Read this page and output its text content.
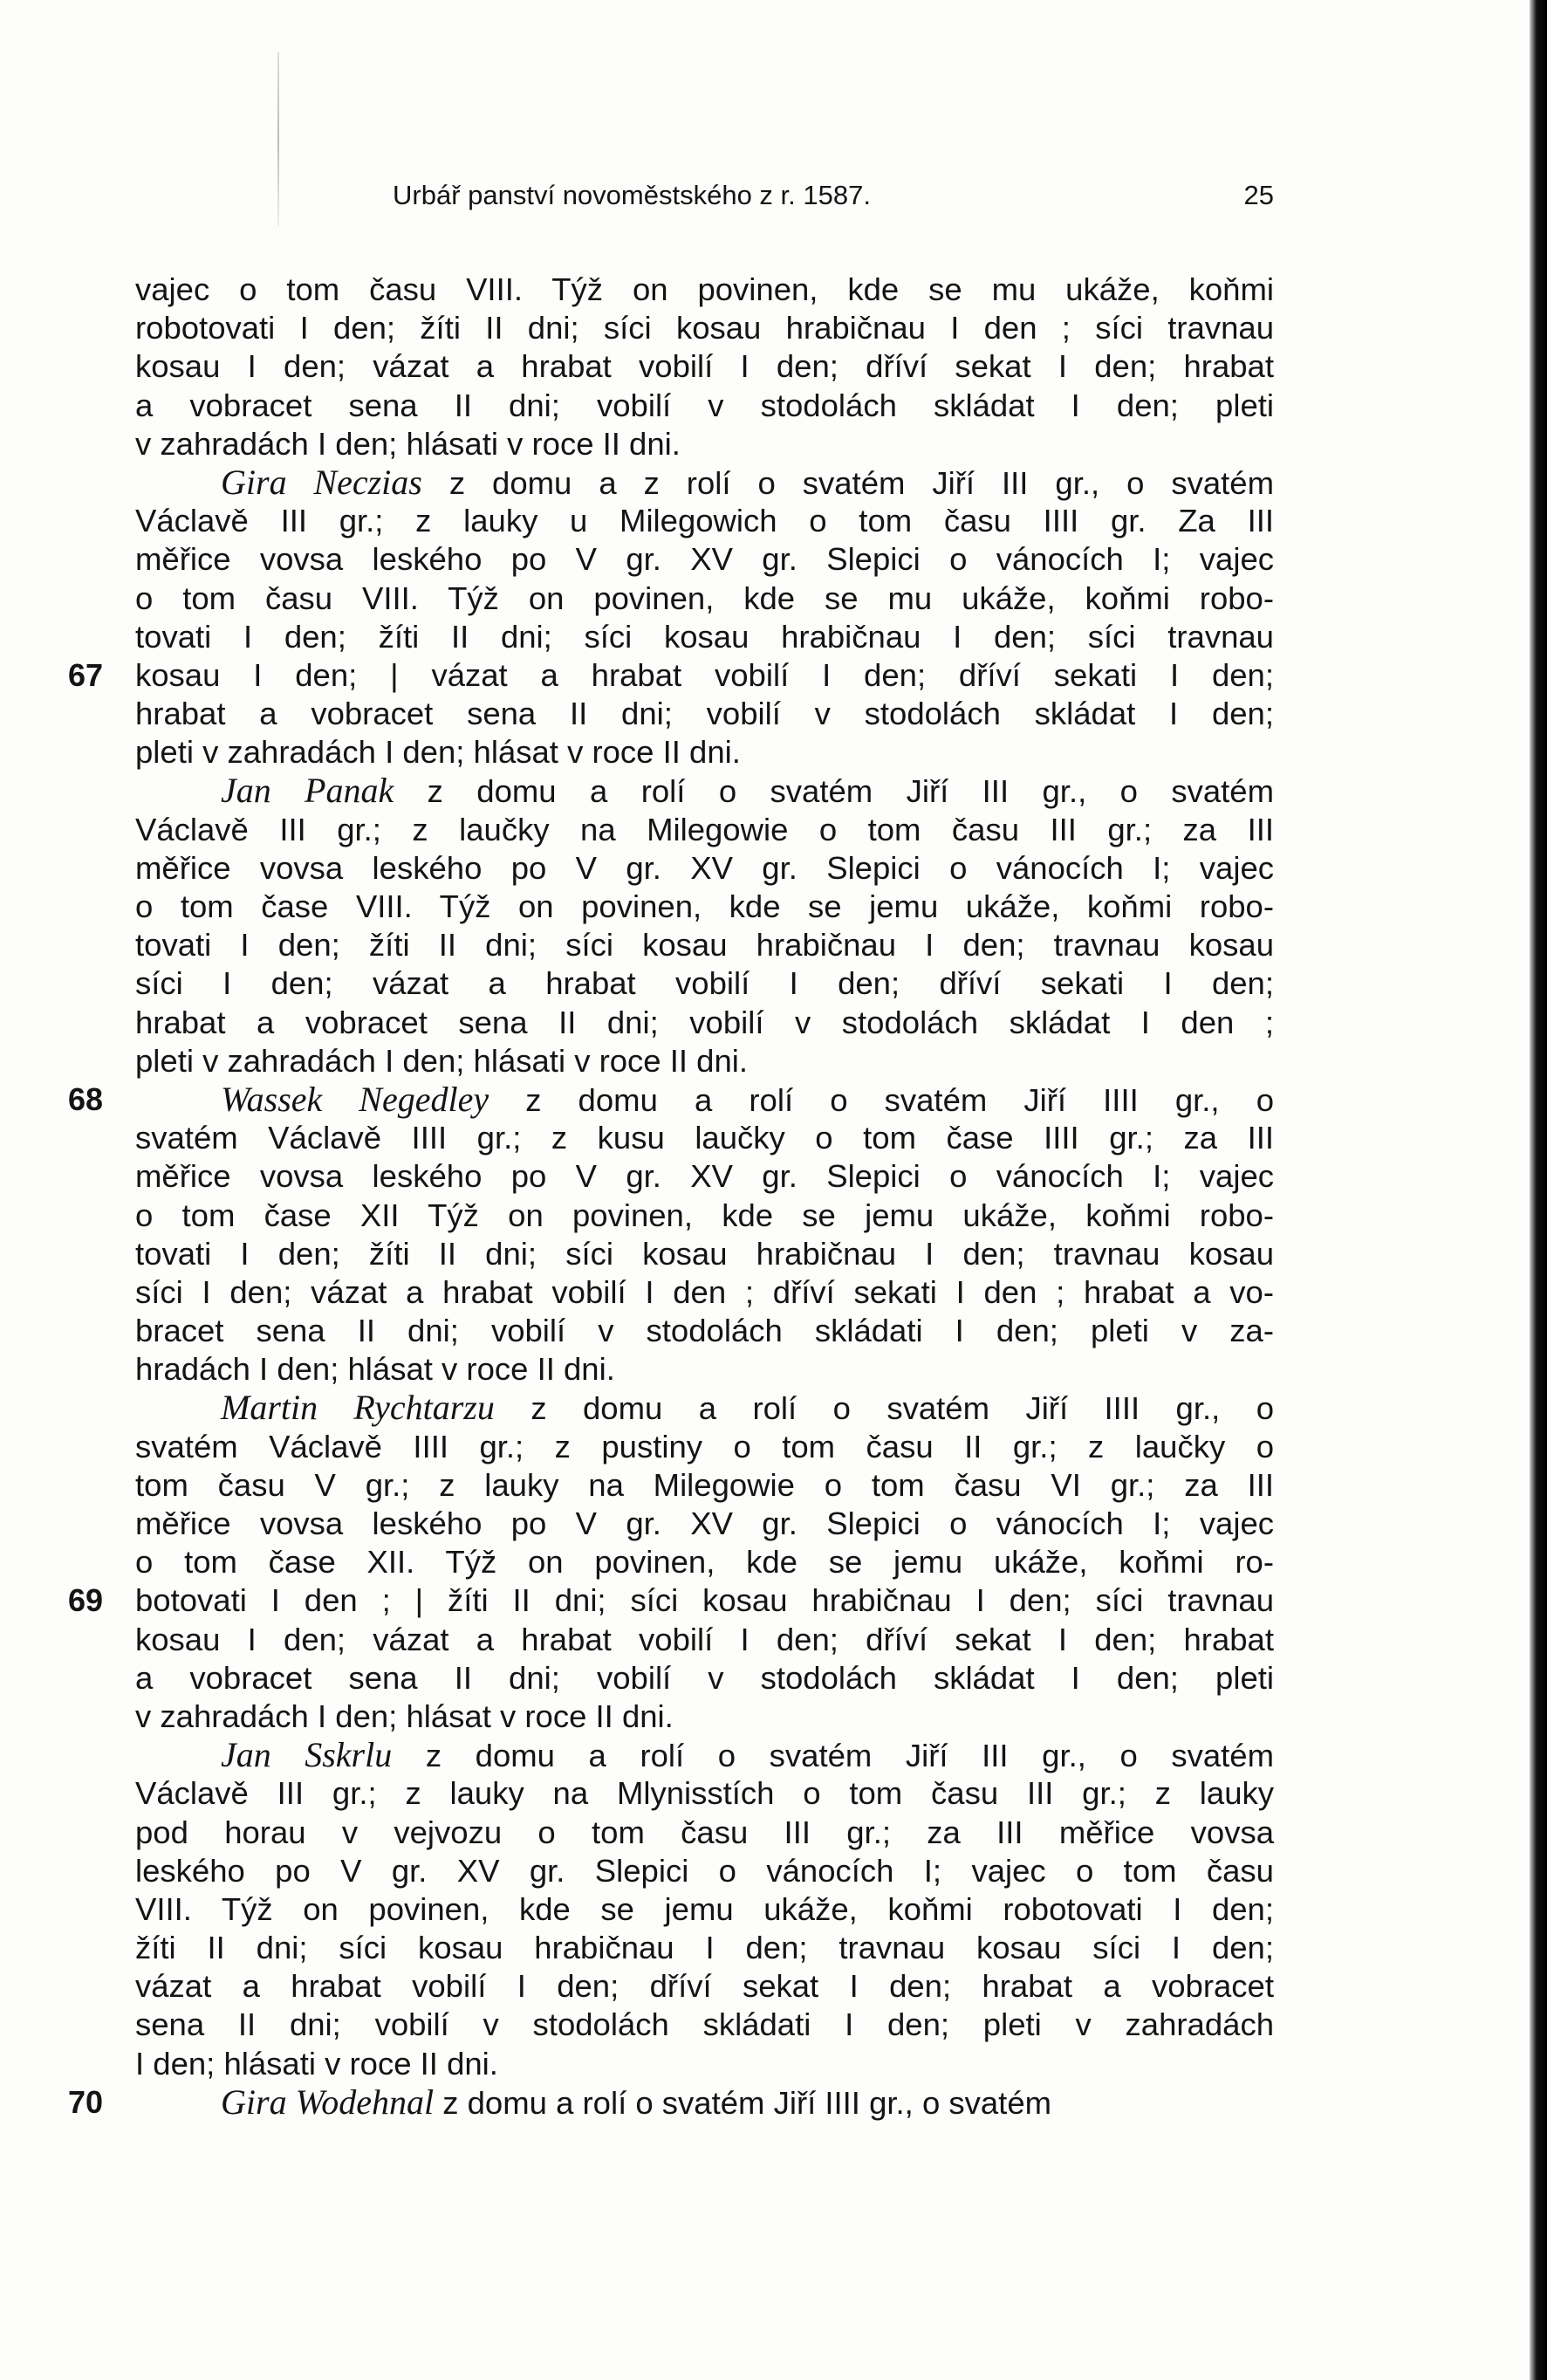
Urbář panství novoměstského z r. 1587.	25
vajec o tom času VIII. Týž on povinen, kde se mu ukáže, koňmi
robotovati I den; žíti II dni; síci kosau hrabičnau I den ; síci travnau
kosau I den; vázat a hrabat vobilí I den; dříví sekat I den; hrabat
a vobracet sena II dni; vobilí v stodolách skládat I den; pleti
v zahradách I den; hlásati v roce II dni.
Gira Neczias z domu a z rolí o svatém Jiří III gr., o svatém
Václavě III gr.; z lauky u Milegowich o tom času IIII gr. Za III
měřice vovsa leského po V gr. XV gr. Slepici o vánocích I; vajec
o tom času VIII. Týž on povinen, kde se mu ukáže, koňmi robo-
tovati I den; žíti II dni; síci kosau hrabičnau I den; síci travnau
67 kosau I den; | vázat a hrabat vobilí I den; dříví sekati I den;
hrabat a vobracet sena II dni; vobilí v stodolách skládat I den;
pleti v zahradách I den; hlásat v roce II dni.
Jan Panak z domu a rolí o svatém Jiří III gr., o svatém
Václavě III gr.; z laučky na Milegowie o tom času III gr.; za III
měřice vovsa leského po V gr. XV gr. Slepici o vánocích I; vajec
o tom čase VIII. Týž on povinen, kde se jemu ukáže, koňmi robo-
tovati I den; žíti II dni; síci kosau hrabičnau I den; travnau kosau
síci I den; vázat a hrabat vobilí I den; dříví sekati I den;
hrabat a vobracet sena II dni; vobilí v stodolách skládat I den ;
pleti v zahradách I den; hlásati v roce II dni.
68	Wassek Negedley z domu a rolí o svatém Jiří IIII gr., o
svatém Václavě IIII gr.; z kusu laučky o tom čase IIII gr.; za III
měřice vovsa leského po V gr. XV gr. Slepici o vánocích I; vajec
o tom čase XII Týž on povinen, kde se jemu ukáže, koňmi robo-
tovati I den; žíti II dni; síci kosau hrabičnau I den; travnau kosau
síci I den; vázat a hrabat vobilí I den ; dříví sekati I den ; hrabat a vo-
bracet sena II dni; vobilí v stodolách skládati I den; pleti v za-
hradách I den; hlásat v roce II dni.
Martin Rychtarzu z domu a rolí o svatém Jiří IIII gr., o
svatém Václavě IIII gr.; z pustiny o tom času II gr.; z laučky o
tom času V gr.; z lauky na Milegowie o tom času VI gr.; za III
měřice vovsa leského po V gr. XV gr. Slepici o vánocích I; vajec
o tom čase XII. Týž on povinen, kde se jemu ukáže, koňmi ro-
69 botovati I den ; | žíti II dni; síci kosau hrabičnau I den; síci travnau
kosau I den; vázat a hrabat vobilí I den; dříví sekat I den; hrabat
a vobracet sena II dni; vobilí v stodolách skládat I den; pleti
v zahradách I den; hlásat v roce II dni.
Jan Sskrlu z domu a rolí o svatém Jiří III gr., o svatém
Václavě III gr.; z lauky na Mlynisstích o tom času III gr.; z lauky
pod horau v vejvozu o tom času III gr.; za III měřice vovsa
leského po V gr. XV gr. Slepici o vánocích I; vajec o tom času
VIII. Týž on povinen, kde se jemu ukáže, koňmi robotovati I den;
žíti II dni; síci kosau hrabičnau I den; travnau kosau síci I den;
vázat a hrabat vobilí I den; dříví sekat I den; hrabat a vobracet
sena II dni; vobilí v stodolách skládati I den; pleti v zahradách
I den; hlásati v roce II dni.
70	Gira Wodehnal z domu a rolí o svatém Jiří IIII gr., o svatém
